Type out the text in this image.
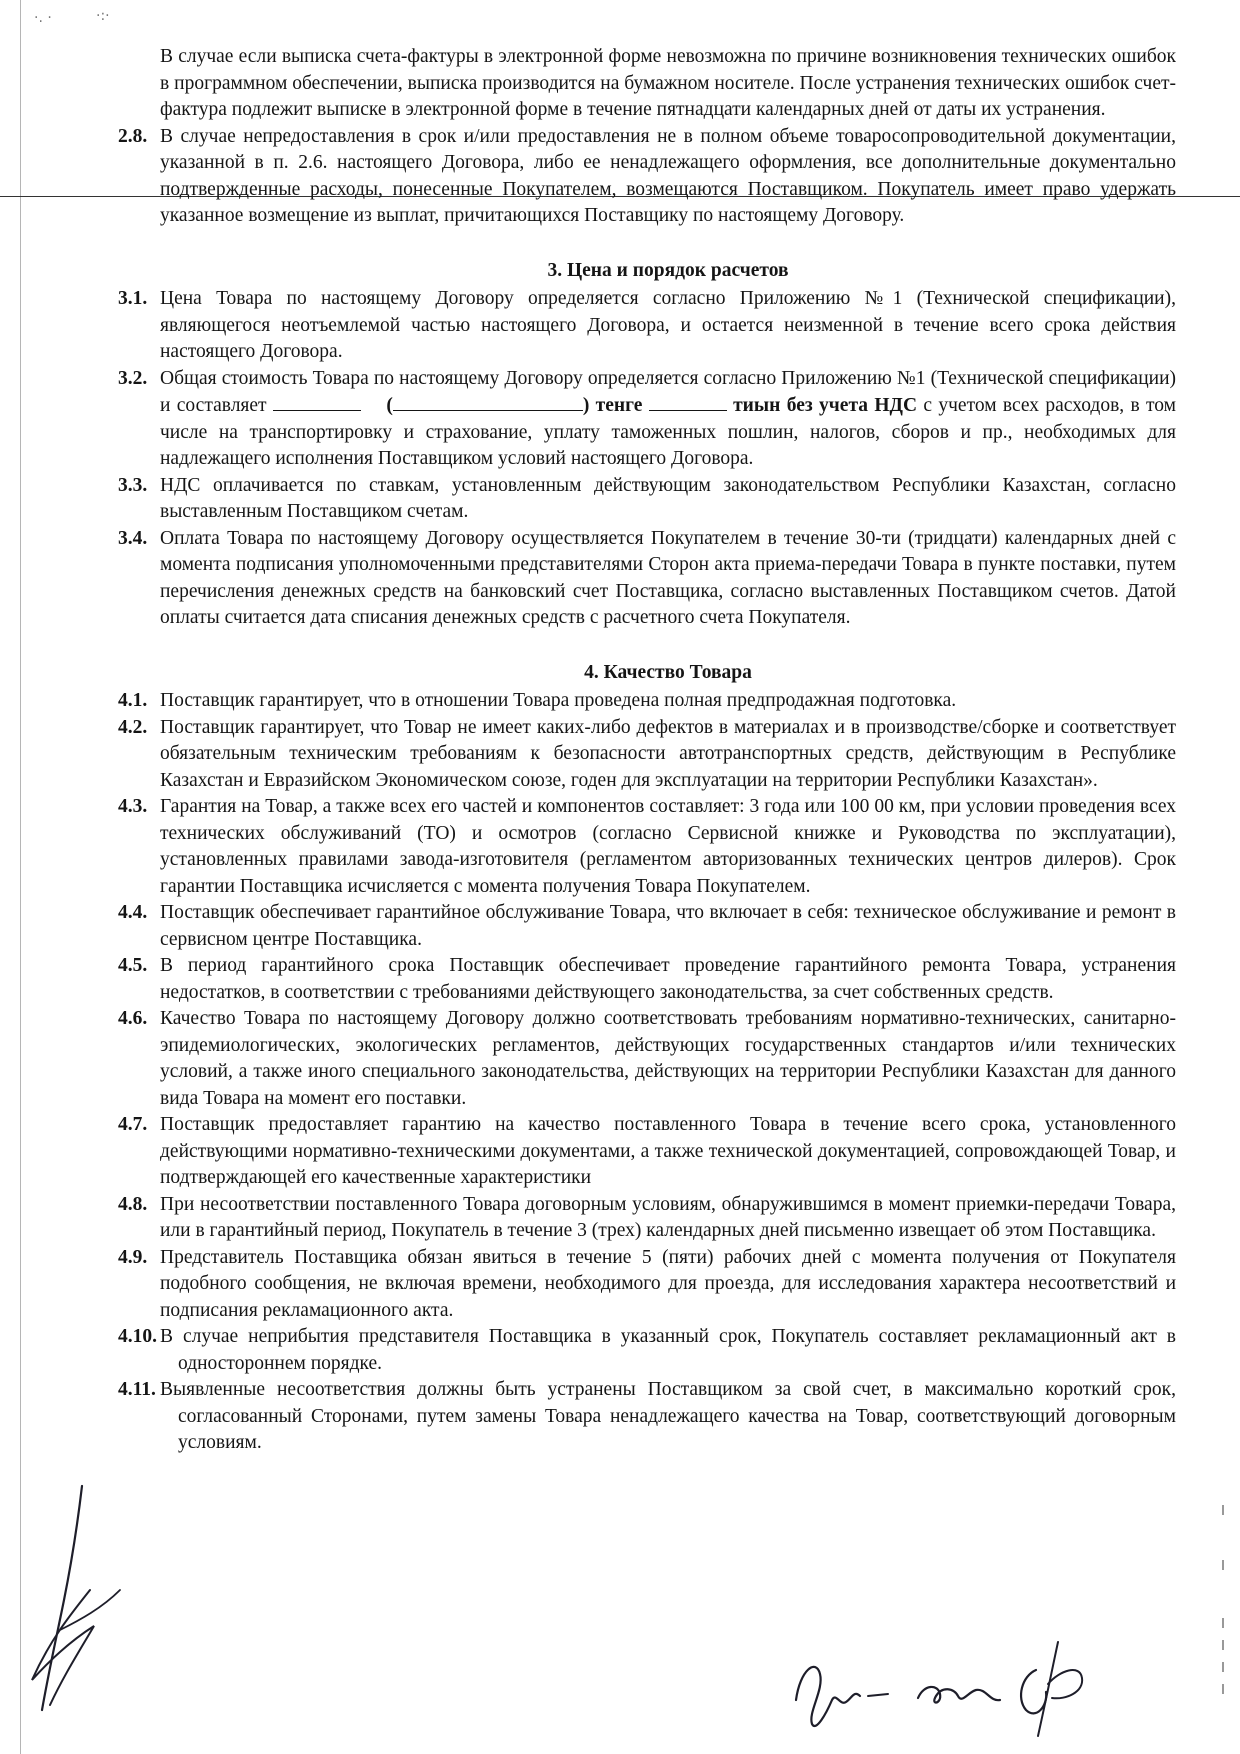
·. ·	·:·

В случае если выписка счета-фактуры в электронной форме невозможна по причине возникновения технических ошибок в программном обеспечении, выписка производится на бумажном носителе. После устранения технических ошибок счет-фактура подлежит выписке в электронной форме в течение пятнадцати календарных дней от даты их устранения.

2.8. В случае непредоставления в срок и/или предоставления не в полном объеме товаросопроводительной документации, указанной в п. 2.6. настоящего Договора, либо ее ненадлежащего оформления, все дополнительные документально подтвержденные расходы, понесенные Покупателем, возмещаются Поставщиком. Покупатель имеет право удержать указанное возмещение из выплат, причитающихся Поставщику по настоящему Договору.
3. Цена и порядок расчетов
3.1. Цена Товара по настоящему Договору определяется согласно Приложению №1 (Технической спецификации), являющегося неотъемлемой частью настоящего Договора, и остается неизменной в течение всего срока действия настоящего Договора.
3.2. Общая стоимость Товара по настоящему Договору определяется согласно Приложению №1 (Технической спецификации) и составляет	(	) тенге	тиын без учета НДС с учетом всех расходов, в том числе на транспортировку и страхование, уплату таможенных пошлин, налогов, сборов и пр., необходимых для надлежащего исполнения Поставщиком условий настоящего Договора.
3.3. НДС оплачивается по ставкам, установленным действующим законодательством Республики Казахстан, согласно выставленным Поставщиком счетам.
3.4. Оплата Товара по настоящему Договору осуществляется Покупателем в течение 30-ти (тридцати) календарных дней с момента подписания уполномоченными представителями Сторон акта приема-передачи Товара в пункте поставки, путем перечисления денежных средств на банковский счет Поставщика, согласно выставленных Поставщиком счетов. Датой оплаты считается дата списания денежных средств с расчетного счета Покупателя.
4. Качество Товара
4.1. Поставщик гарантирует, что в отношении Товара проведена полная предпродажная подготовка.
4.2. Поставщик гарантирует, что Товар не имеет каких-либо дефектов в материалах и в производстве/сборке и соответствует обязательным техническим требованиям к безопасности автотранспортных средств, действующим в Республике Казахстан и Евразийском Экономическом союзе, годен для эксплуатации на территории Республики Казахстан».
4.3. Гарантия на Товар, а также всех его частей и компонентов составляет: 3 года или 100 00 км, при условии проведения всех технических обслуживаний (ТО) и осмотров (согласно Сервисной книжке и Руководства по эксплуатации), установленных правилами завода-изготовителя (регламентом авторизованных технических центров дилеров). Срок гарантии Поставщика исчисляется с момента получения Товара Покупателем.
4.4. Поставщик обеспечивает гарантийное обслуживание Товара, что включает в себя: техническое обслуживание и ремонт в сервисном центре Поставщика.
4.5. В период гарантийного срока Поставщик обеспечивает проведение гарантийного ремонта Товара, устранения недостатков, в соответствии с требованиями действующего законодательства, за счет собственных средств.
4.6. Качество Товара по настоящему Договору должно соответствовать требованиям нормативно-технических, санитарно-эпидемиологических, экологических регламентов, действующих государственных стандартов и/или технических условий, а также иного специального законодательства, действующих на территории Республики Казахстан для данного вида Товара на момент его поставки.
4.7. Поставщик предоставляет гарантию на качество поставленного Товара в течение всего срока, установленного действующими нормативно-техническими документами, а также технической документацией, сопровождающей Товар, и подтверждающей его качественные характеристики
4.8. При несоответствии поставленного Товара договорным условиям, обнаружившимся в момент приемки-передачи Товара, или в гарантийный период, Покупатель в течение 3 (трех) календарных дней письменно извещает об этом Поставщика.
4.9. Представитель Поставщика обязан явиться в течение 5 (пяти) рабочих дней с момента получения от Покупателя подобного сообщения, не включая времени, необходимого для проезда, для исследования характера несоответствий и подписания рекламационного акта.
4.10. В случае неприбытия представителя Поставщика в указанный срок, Покупатель составляет рекламационный акт в одностороннем порядке.
4.11. Выявленные несоответствия должны быть устранены Поставщиком за свой счет, в максимально короткий срок, согласованный Сторонами, путем замены Товара ненадлежащего качества на Товар, соответствующий договорным условиям.
